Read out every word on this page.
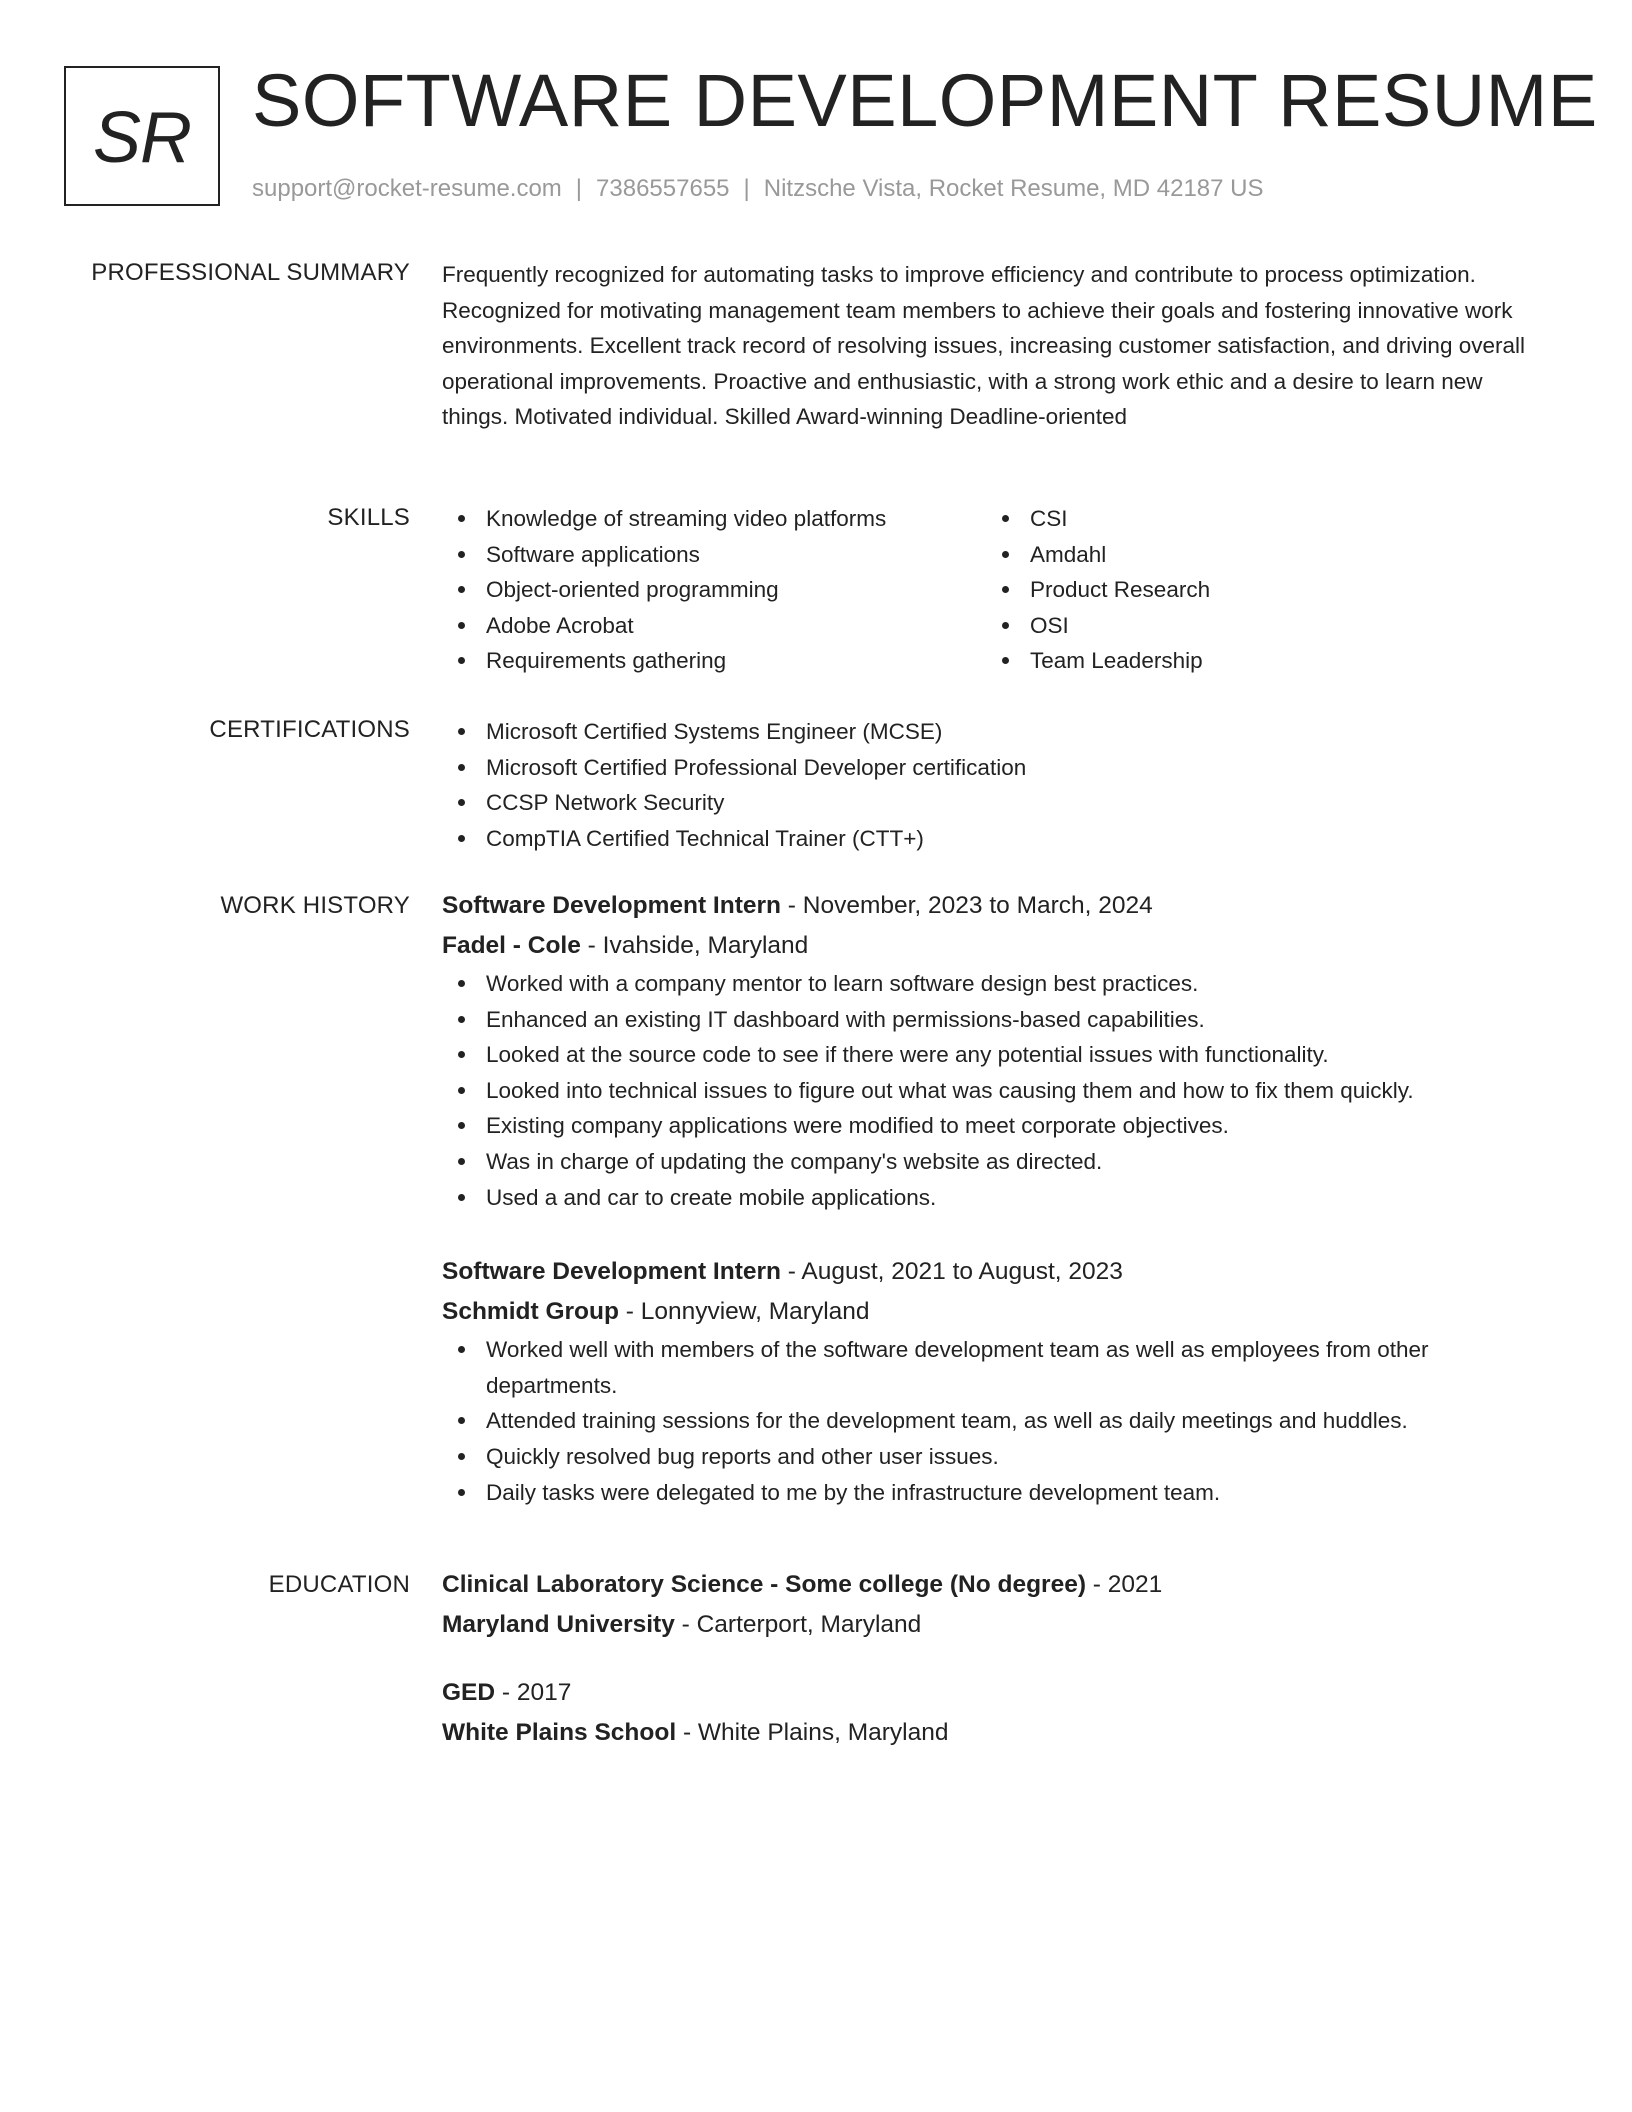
SR SOFTWARE DEVELOPMENT RESUME
support@rocket-resume.com | 7386557655 | Nitzsche Vista, Rocket Resume, MD 42187 US
PROFESSIONAL SUMMARY Frequently recognized for automating tasks to improve efficiency and contribute to process optimization. Recognized for motivating management team members to achieve their goals and fostering innovative work environments. Excellent track record of resolving issues, increasing customer satisfaction, and driving overall operational improvements. Proactive and enthusiastic, with a strong work ethic and a desire to learn new things. Motivated individual. Skilled Award-winning Deadline-oriented

SKILLS	Knowledge of streaming video platforms
Software applications
Object-oriented programming
Adobe Acrobat
Requirements gathering
CSI
Amdahl
Product Research
OSI
Team Leadership
CERTIFICATIONS	Microsoft Certified Systems Engineer (MCSE)
Microsoft Certified Professional Developer certification
CCSP Network Security
CompTIA Certified Technical Trainer (CTT+)
WORK HISTORY Software Development Intern - November, 2023 to March, 2024
Fadel - Cole - Ivahside, Maryland
Worked with a company mentor to learn software design best practices.
Enhanced an existing IT dashboard with permissions-based capabilities.
Looked at the source code to see if there were any potential issues with functionality.
Looked into technical issues to figure out what was causing them and how to fix them quickly.
Existing company applications were modified to meet corporate objectives.
Was in charge of updating the company's website as directed.
Used a and car to create mobile applications.
Software Development Intern - August, 2021 to August, 2023
Schmidt Group - Lonnyview, Maryland
Worked well with members of the software development team as well as employees from other departments.
Attended training sessions for the development team, as well as daily meetings and huddles.
Quickly resolved bug reports and other user issues.
Daily tasks were delegated to me by the infrastructure development team.
EDUCATION Clinical Laboratory Science - Some college (No degree) - 2021
Maryland University - Carterport, Maryland
GED - 2017
White Plains School - White Plains, Maryland
